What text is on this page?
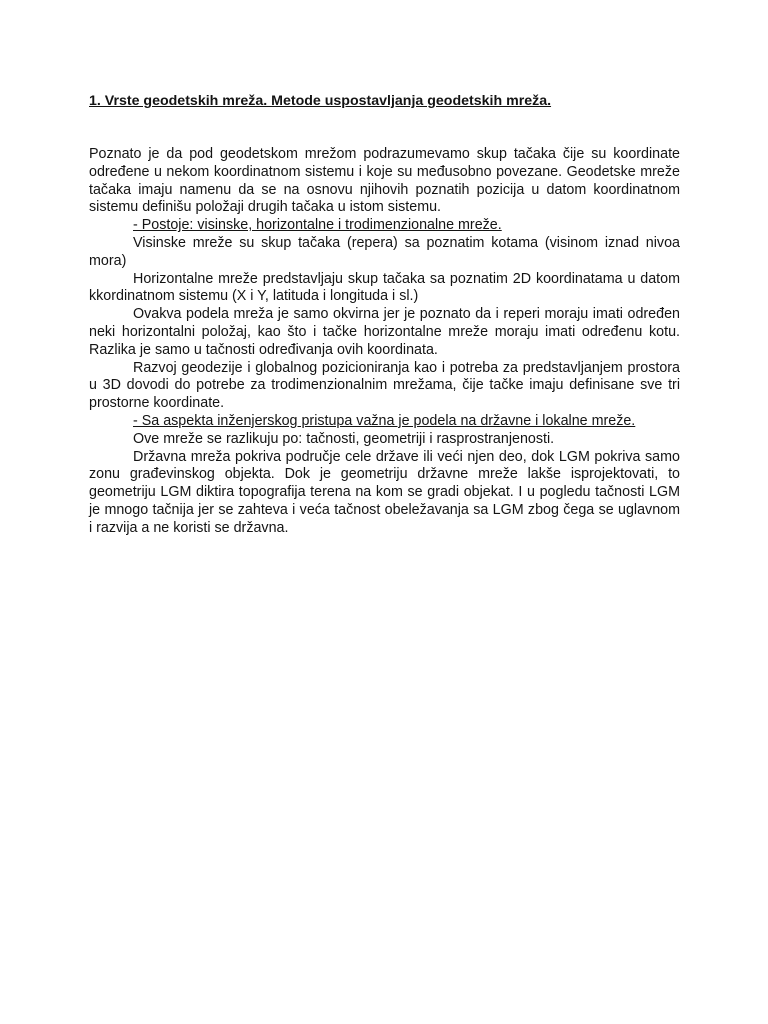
1. Vrste geodetskih mreža. Metode uspostavljanja geodetskih mreža.

Poznato je da pod geodetskom mrežom podrazumevamo skup tačaka čije su koordinate određene u nekom koordinatnom sistemu i koje su međusobno povezane. Geodetske mreže tačaka imaju namenu da se na osnovu njihovih poznatih pozicija u datom koordinatnom sistemu definišu položaji drugih tačaka u istom sistemu.

- Postoje: visinske, horizontalne i trodimenzionalne mreže.

Visinske mreže su skup tačaka (repera) sa poznatim kotama (visinom iznad nivoa mora)

Horizontalne mreže predstavljaju skup tačaka sa poznatim 2D koordinatama u datom kkordinatnom sistemu (X i Y, latituda i longituda i sl.)

Ovakva podela mreža je samo okvirna jer je poznato da i reperi moraju imati određen neki horizontalni položaj, kao što i tačke horizontalne mreže moraju imati određenu kotu. Razlika je samo u tačnosti određivanja ovih koordinata.

Razvoj geodezije i globalnog pozicioniranja kao i potreba za predstavljanjem prostora u 3D dovodi do potrebe za trodimenzionalnim mrežama, čije tačke imaju definisane sve tri prostorne koordinate.

- Sa aspekta inženjerskog pristupa važna je podela na državne i lokalne mreže.

Ove mreže se razlikuju po: tačnosti, geometriji i rasprostranjenosti.

Državna mreža pokriva područje cele države ili veći njen deo, dok LGM pokriva samo zonu građevinskog objekta. Dok je geometriju državne mreže lakše isprojektovati, to geometriju LGM diktira topografija terena na kom se gradi objekat. I u pogledu tačnosti LGM je mnogo tačnija jer se zahteva i veća tačnost obeležavanja sa LGM zbog čega se uglavnom i razvija a ne koristi se državna.
